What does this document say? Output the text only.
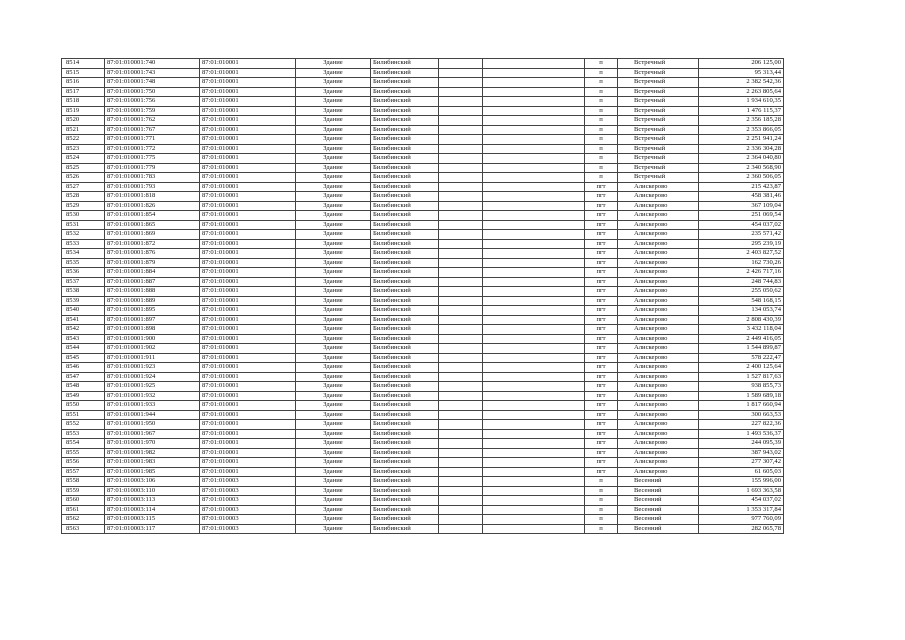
8514	87:01:010001:740	87:01:010001	Здание	Билибинский			п	Встречный	206 125,00
8515	87:01:010001:743	87:01:010001	Здание	Билибинский			п	Встречный	95 313,44
8516	87:01:010001:748	87:01:010001	Здание	Билибинский			п	Встречный	2 382 542,36
8517	87:01:010001:750	87:01:010001	Здание	Билибинский			п	Встречный	2 263 805,64
8518	87:01:010001:756	87:01:010001	Здание	Билибинский			п	Встречный	1 934 610,35
8519	87:01:010001:759	87:01:010001	Здание	Билибинский			п	Встречный	1 476 115,37
8520	87:01:010001:762	87:01:010001	Здание	Билибинский			п	Встречный	2 356 185,28
8521	87:01:010001:767	87:01:010001	Здание	Билибинский			п	Встречный	2 353 866,05
8522	87:01:010001:771	87:01:010001	Здание	Билибинский			п	Встречный	2 251 941,24
8523	87:01:010001:772	87:01:010001	Здание	Билибинский			п	Встречный	2 336 304,28
8524	87:01:010001:775	87:01:010001	Здание	Билибинский			п	Встречный	2 364 040,80
8525	87:01:010001:779	87:01:010001	Здание	Билибинский			п	Встречный	2 340 568,90
8526	87:01:010001:783	87:01:010001	Здание	Билибинский			п	Встречный	2 360 506,05
8527	87:01:010001:793	87:01:010001	Здание	Билибинский			пгт	Алискерово	215 423,87
8528	87:01:010001:818	87:01:010001	Здание	Билибинский			пгт	Алискерово	458 381,46
8529	87:01:010001:826	87:01:010001	Здание	Билибинский			пгт	Алискерово	367 109,04
8530	87:01:010001:854	87:01:010001	Здание	Билибинский			пгт	Алискерово	251 069,54
8531	87:01:010001:865	87:01:010001	Здание	Билибинский			пгт	Алискерово	454 037,02
8532	87:01:010001:869	87:01:010001	Здание	Билибинский			пгт	Алискерово	235 571,42
8533	87:01:010001:872	87:01:010001	Здание	Билибинский			пгт	Алискерово	295 239,19
8534	87:01:010001:876	87:01:010001	Здание	Билибинский			пгт	Алискерово	2 403 827,52
8535	87:01:010001:879	87:01:010001	Здание	Билибинский			пгт	Алискерово	162 730,26
8536	87:01:010001:884	87:01:010001	Здание	Билибинский			пгт	Алискерово	2 426 717,16
8537	87:01:010001:887	87:01:010001	Здание	Билибинский			пгт	Алискерово	248 744,83
8538	87:01:010001:888	87:01:010001	Здание	Билибинский			пгт	Алискерово	255 050,62
8539	87:01:010001:889	87:01:010001	Здание	Билибинский			пгт	Алискерово	548 168,15
8540	87:01:010001:895	87:01:010001	Здание	Билибинский			пгт	Алискерово	134 053,74
8541	87:01:010001:897	87:01:010001	Здание	Билибинский			пгт	Алискерово	2 808 430,39
8542	87:01:010001:898	87:01:010001	Здание	Билибинский			пгт	Алискерово	3 432 118,04
8543	87:01:010001:900	87:01:010001	Здание	Билибинский			пгт	Алискерово	2 449 416,05
8544	87:01:010001:902	87:01:010001	Здание	Билибинский			пгт	Алискерово	1 544 899,87
8545	87:01:010001:911	87:01:010001	Здание	Билибинский			пгт	Алискерово	578 222,47
8546	87:01:010001:923	87:01:010001	Здание	Билибинский			пгт	Алискерово	2 400 125,64
8547	87:01:010001:924	87:01:010001	Здание	Билибинский			пгт	Алискерово	1 527 817,63
8548	87:01:010001:925	87:01:010001	Здание	Билибинский			пгт	Алискерово	938 855,73
8549	87:01:010001:932	87:01:010001	Здание	Билибинский			пгт	Алискерово	1 589 689,18
8550	87:01:010001:933	87:01:010001	Здание	Билибинский			пгт	Алискерово	1 817 660,94
8551	87:01:010001:944	87:01:010001	Здание	Билибинский			пгт	Алискерово	300 663,53
8552	87:01:010001:950	87:01:010001	Здание	Билибинский			пгт	Алискерово	227 822,36
8553	87:01:010001:967	87:01:010001	Здание	Билибинский			пгт	Алискерово	1 493 536,37
8554	87:01:010001:970	87:01:010001	Здание	Билибинский			пгт	Алискерово	244 095,39
8555	87:01:010001:982	87:01:010001	Здание	Билибинский			пгт	Алискерово	387 943,02
8556	87:01:010001:983	87:01:010001	Здание	Билибинский			пгт	Алискерово	277 307,42
8557	87:01:010001:985	87:01:010001	Здание	Билибинский			пгт	Алискерово	61 605,03
8558	87:01:010003:106	87:01:010003	Здание	Билибинский			п	Весенний	155 996,00
8559	87:01:010003:110	87:01:010003	Здание	Билибинский			п	Весенний	1 693 363,58
8560	87:01:010003:113	87:01:010003	Здание	Билибинский			п	Весенний	454 037,02
8561	87:01:010003:114	87:01:010003	Здание	Билибинский			п	Весенний	1 353 317,84
8562	87:01:010003:115	87:01:010003	Здание	Билибинский			п	Весенний	977 760,09
8563	87:01:010003:117	87:01:010003	Здание	Билибинский			п	Весенний	282 065,78
